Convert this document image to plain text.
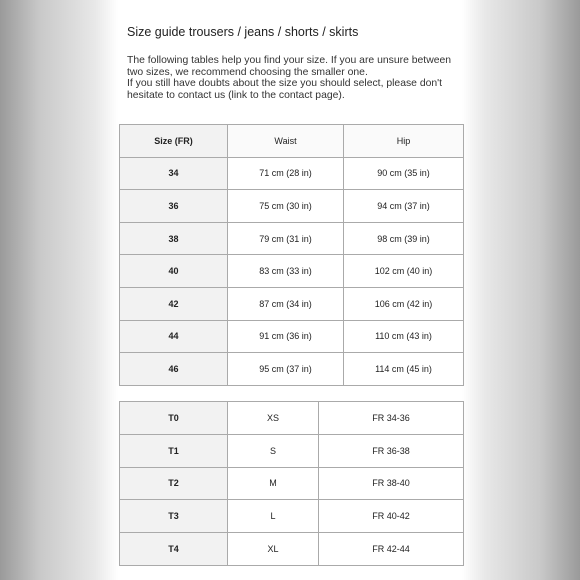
Size guide trousers / jeans / shorts / skirts
The following tables help you find your size. If you are unsure between
two sizes, we recommend choosing the smaller one.
If you still have doubts about the size you should select, please don't
hesitate to contact us (link to the contact page).
Size (FR)	Waist	Hip
34	71 cm (28 in)	90 cm (35 in)
36	75 cm (30 in)	94 cm (37 in)
38	79 cm (31 in)	98 cm (39 in)
40	83 cm (33 in)	102 cm (40 in)
42	87 cm (34 in)	106 cm (42 in)
44	91 cm (36 in)	110 cm (43 in)
46	95 cm (37 in)	114 cm (45 in)
T0	XS	FR 34-36
T1	S	FR 36-38
T2	M	FR 38-40
T3	L	FR 40-42
T4	XL	FR 42-44
